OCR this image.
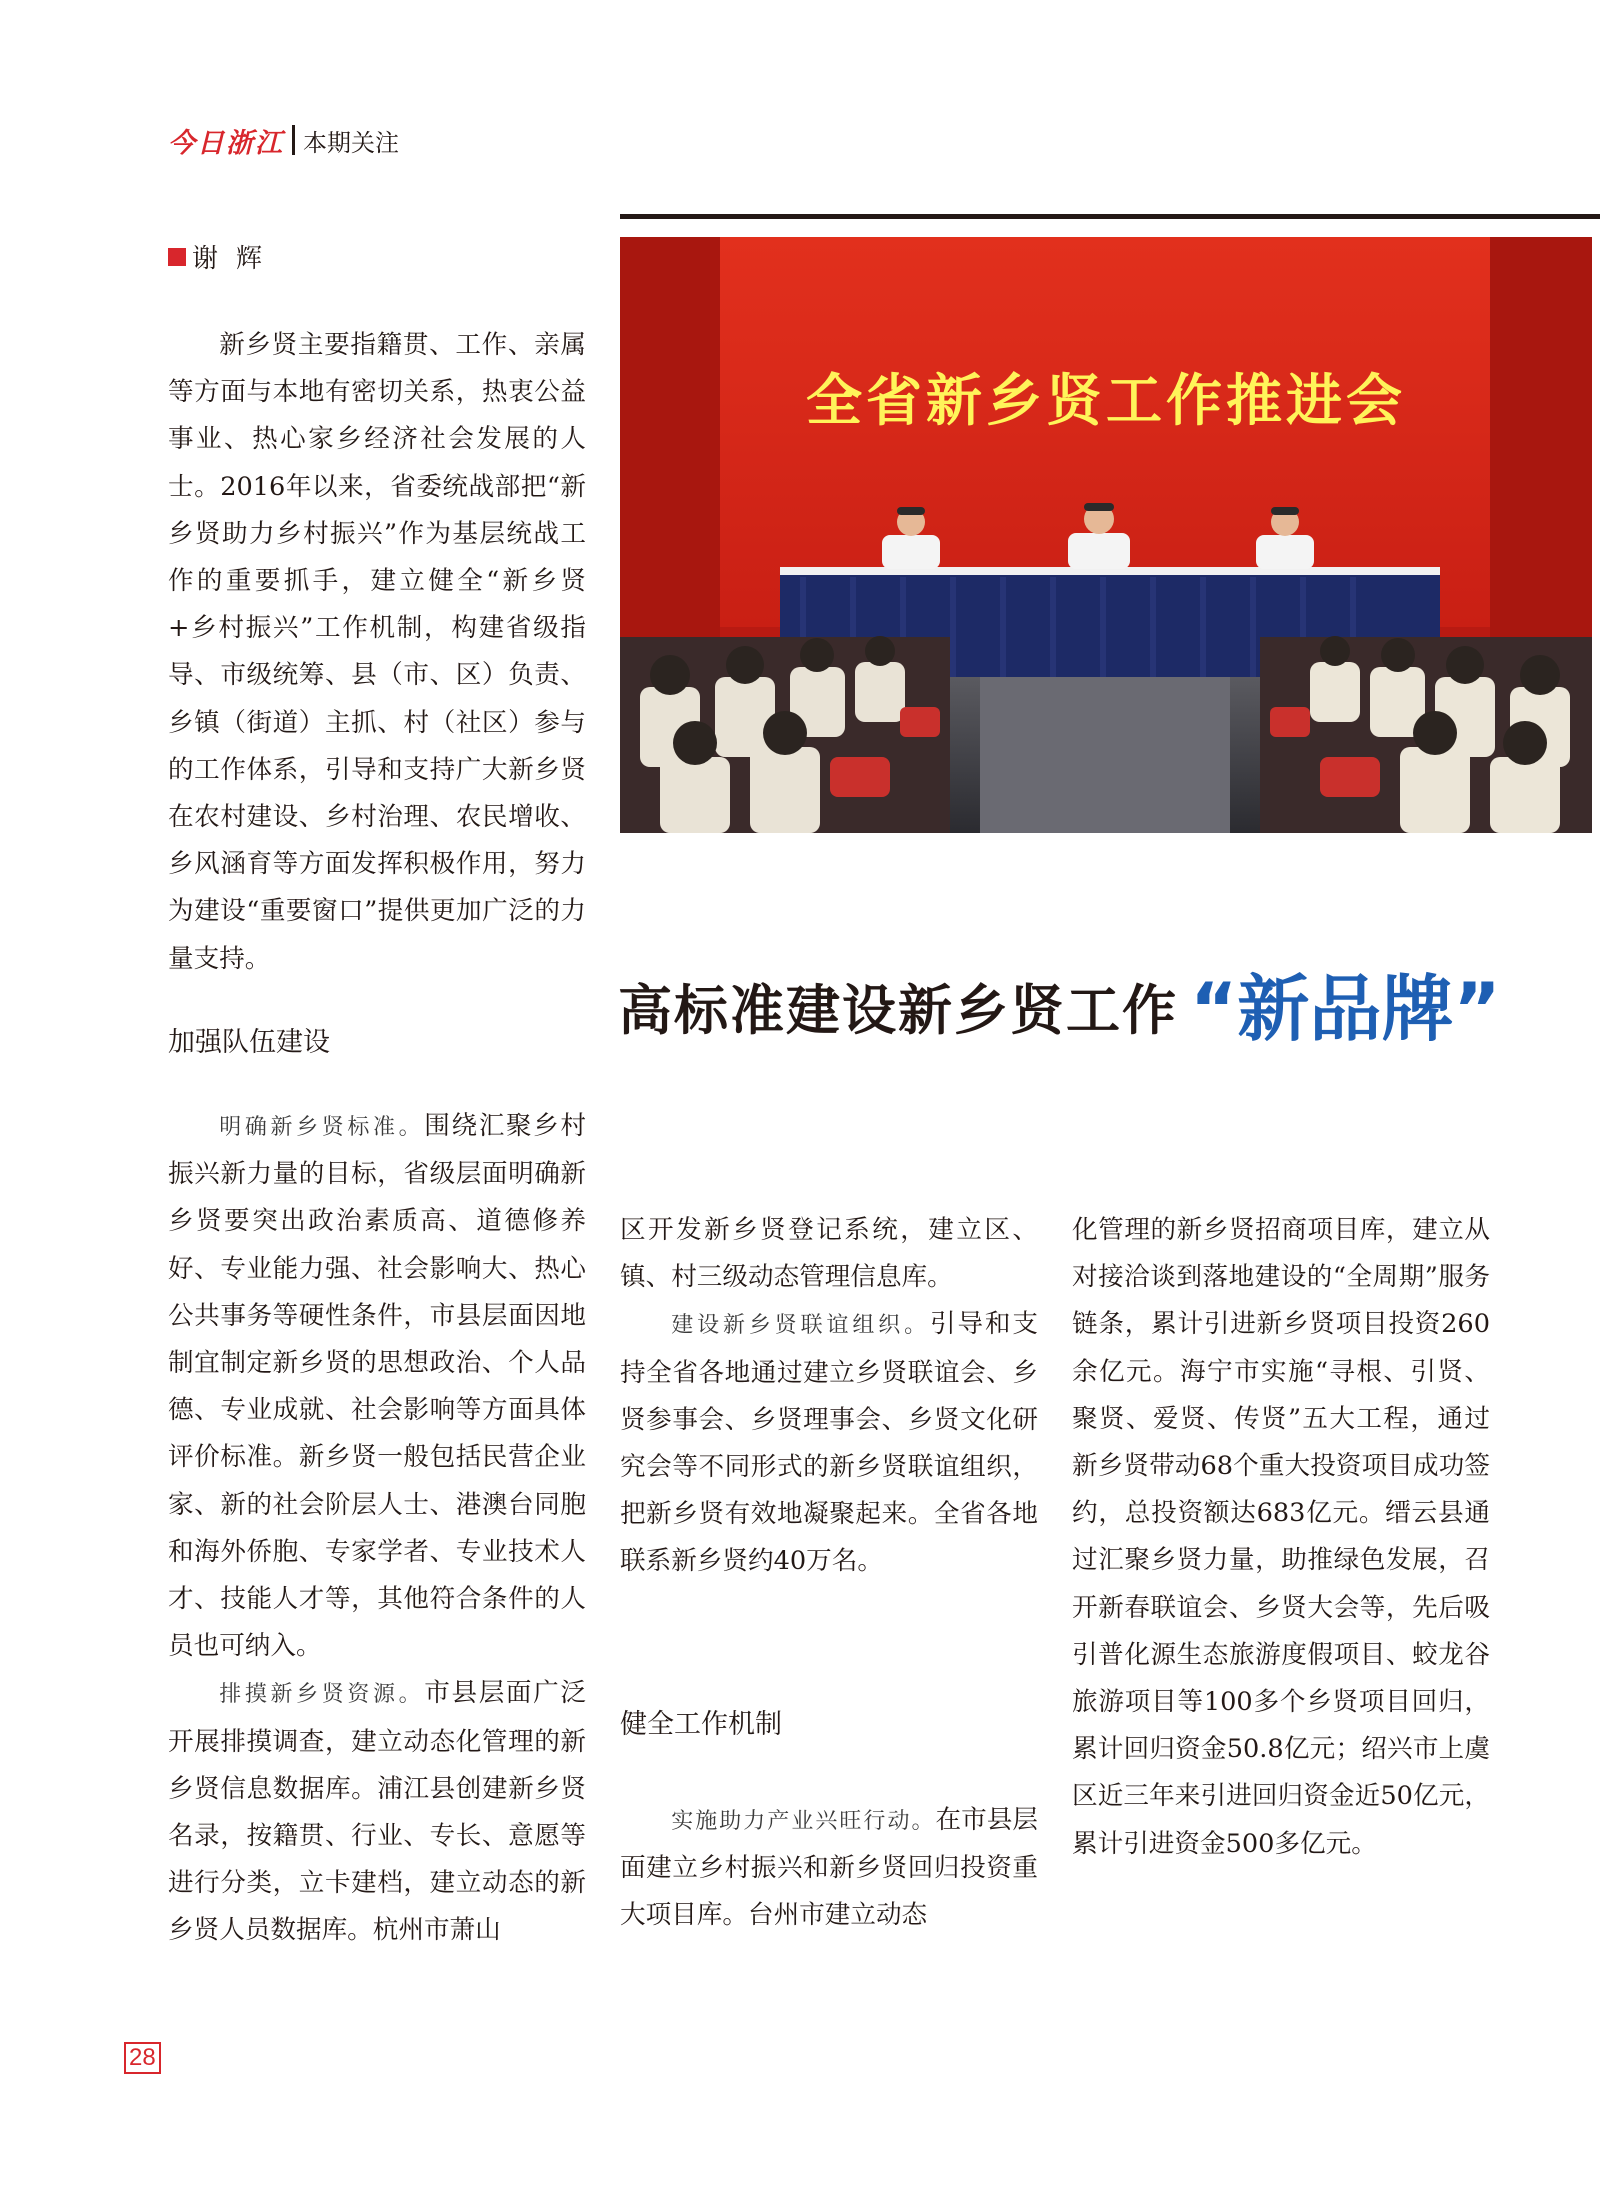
今日浙江 本期关注
谢辉

新乡贤主要指籍贯、工作、亲属等方面与本地有密切关系，热衷公益事业、热心家乡经济社会发展的人士。2016年以来，省委统战部把“新乡贤助力乡村振兴”作为基层统战工作的重要抓手，建立健全“新乡贤+乡村振兴”工作机制，构建省级指导、市级统筹、县（市、区）负责、乡镇（街道）主抓、村（社区）参与的工作体系，引导和支持广大新乡贤在农村建设、乡村治理、农民增收、乡风涵育等方面发挥积极作用，努力为建设“重要窗口”提供更加广泛的力量支持。

加强队伍建设

明确新乡贤标准。围绕汇聚乡村振兴新力量的目标，省级层面明确新乡贤要突出政治素质高、道德修养好、专业能力强、社会影响大、热心公共事务等硬性条件，市县层面因地制宜制定新乡贤的思想政治、个人品德、专业成就、社会影响等方面具体评价标准。新乡贤一般包括民营企业家、新的社会阶层人士、港澳台同胞和海外侨胞、专家学者、专业技术人才、技能人才等，其他符合条件的人员也可纳入。

排摸新乡贤资源。市县层面广泛开展排摸调查，建立动态化管理的新乡贤信息数据库。浦江县创建新乡贤名录，按籍贯、行业、专长、意愿等进行分类，立卡建档，建立动态的新乡贤人员数据库。杭州市萧山

全省新乡贤工作推进会
高标准建设新乡贤工作 “新品牌”

区开发新乡贤登记系统，建立区、镇、村三级动态管理信息库。

建设新乡贤联谊组织。引导和支持全省各地通过建立乡贤联谊会、乡贤参事会、乡贤理事会、乡贤文化研究会等不同形式的新乡贤联谊组织，把新乡贤有效地凝聚起来。全省各地联系新乡贤约40万名。

健全工作机制

实施助力产业兴旺行动。在市县层面建立乡村振兴和新乡贤回归投资重大项目库。台州市建立动态

化管理的新乡贤招商项目库，建立从对接洽谈到落地建设的“全周期”服务链条，累计引进新乡贤项目投资260余亿元。海宁市实施“寻根、引贤、聚贤、爱贤、传贤”五大工程，通过新乡贤带动68个重大投资项目成功签约，总投资额达683亿元。缙云县通过汇聚乡贤力量，助推绿色发展，召开新春联谊会、乡贤大会等，先后吸引普化源生态旅游度假项目、蛟龙谷旅游项目等100多个乡贤项目回归，累计回归资金50.8亿元；绍兴市上虞区近三年来引进回归资金近50亿元，累计引进资金500多亿元。

28
